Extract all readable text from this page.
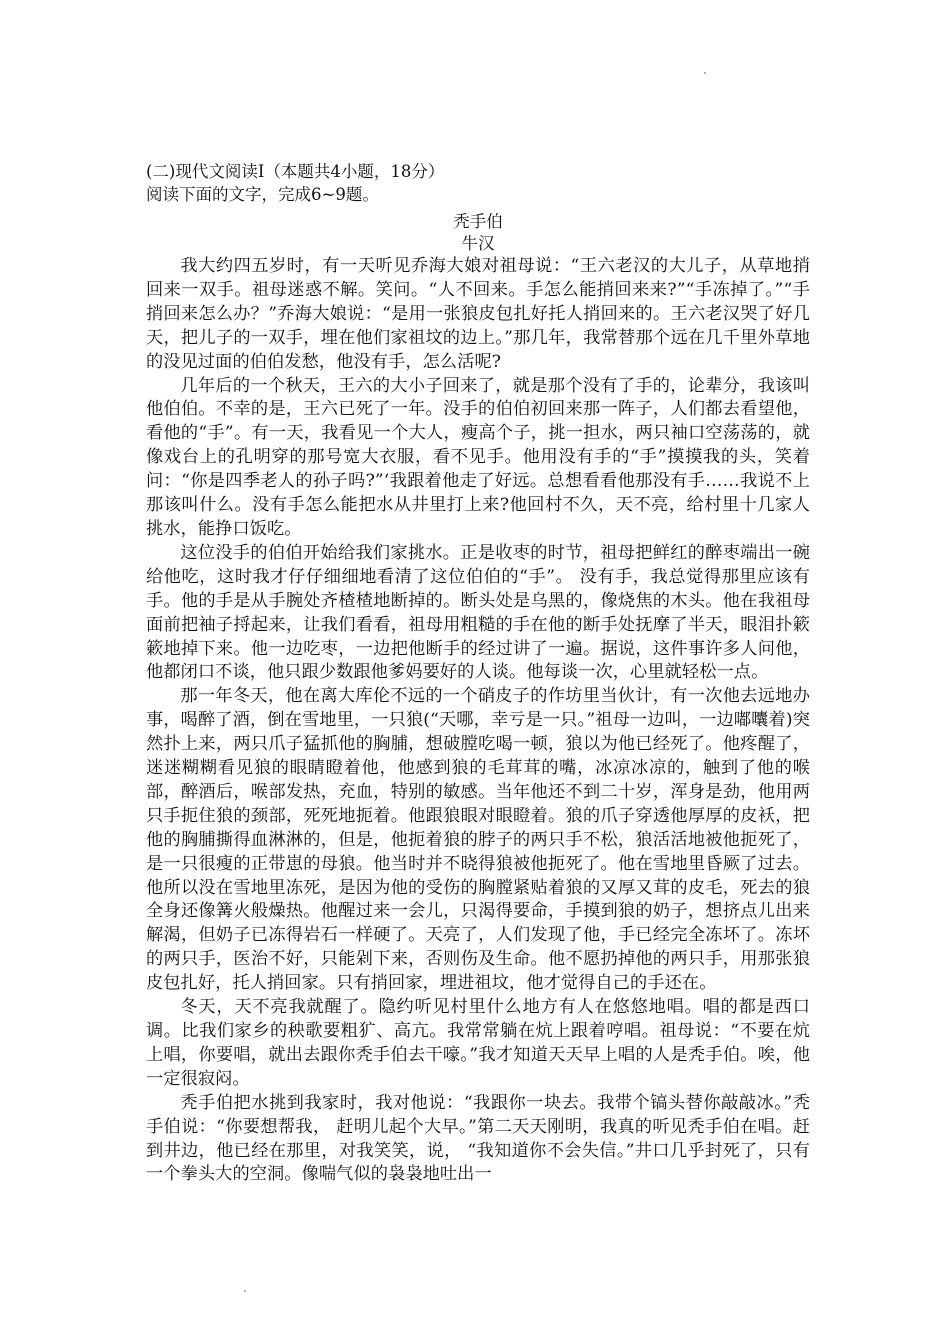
(二)现代文阅读Ⅰ（本题共4小题，18分）

阅读下面的文字，完成6~9题。

秃手伯

牛汉

我大约四五岁时，有一天听见乔海大娘对祖母说：“王六老汉的大儿子，从草地捎回来一双手。祖母迷惑不解。笑问。“人不回来。手怎么能捎回来来?”“手冻掉了。”“手捎回来怎么办？”乔海大娘说：“是用一张狼皮包扎好托人捎回来的。王六老汉哭了好几天，把儿子的一双手，埋在他们家祖坟的边上。”那几年，我常替那个远在几千里外草地的没见过面的伯伯发愁，他没有手，怎么活呢?

几年后的一个秋天，王六的大小子回来了，就是那个没有了手的，论辈分，我该叫他伯伯。不幸的是，王六已死了一年。没手的伯伯初回来那一阵子，人们都去看望他，看他的“手”。有一天，我看见一个大人，瘦高个子，挑一担水，两只袖口空荡荡的，就像戏台上的孔明穿的那号宽大衣服，看不见手。他用没有手的“手”摸摸我的头，笑着问：“你是四季老人的孙子吗?”‘我跟着他走了好远。总想看看他那没有手……我说不上那该叫什么。没有手怎么能把水从井里打上来?他回村不久，天不亮，给村里十几家人挑水，能挣口饭吃。

这位没手的伯伯开始给我们家挑水。正是收枣的时节，祖母把鲜红的醉枣端出一碗给他吃，这时我才仔仔细细地看清了这位伯伯的“手”。 没有手，我总觉得那里应该有手。他的手是从手腕处齐楂楂地断掉的。断头处是乌黑的，像烧焦的木头。他在我祖母面前把袖子捋起来，让我们看看，祖母用粗糙的手在他的断手处抚摩了半天，眼泪扑簌簌地掉下来。他一边吃枣，一边把他断手的经过讲了一遍。据说，这件事许多人问他，他都闭口不谈，他只跟少数跟他爹妈要好的人谈。他每谈一次，心里就轻松一点。

那一年冬天，他在离大库伦不远的一个硝皮子的作坊里当伙计，有一次他去远地办事，喝醉了酒，倒在雪地里，一只狼(“天哪，幸亏是一只。”祖母一边叫，一边嘟囔着)突然扑上来，两只爪子猛抓他的胸脯，想破膛吃喝一顿，狼以为他已经死了。他疼醒了，迷迷糊糊看见狼的眼睛瞪着他，他感到狼的毛茸茸的嘴，冰凉冰凉的，触到了他的喉部，醉酒后，喉部发热，充血，特别的敏感。当年他还不到二十岁，浑身是劲，他用两只手扼住狼的颈部，死死地扼着。他跟狼眼对眼瞪着。狼的爪子穿透他厚厚的皮袄，把他的胸脯撕得血淋淋的，但是，他扼着狼的脖子的两只手不松，狼活活地被他扼死了，是一只很瘦的正带崽的母狼。他当时并不晓得狼被他扼死了。他在雪地里昏厥了过去。他所以没在雪地里冻死，是因为他的受伤的胸膛紧贴着狼的又厚又茸的皮毛，死去的狼全身还像篝火般燥热。他醒过来一会儿，只渴得要命，手摸到狼的奶子，想挤点儿出来解渴，但奶子已冻得岩石一样硬了。天亮了，人们发现了他，手已经完全冻坏了。冻坏的两只手，医治不好，只能剁下来，否则伤及生命。他不愿扔掉他的两只手，用那张狼皮包扎好，托人捎回家。只有捎回家，埋进祖坟，他才觉得自己的手还在。

冬天，天不亮我就醒了。隐约听见村里什么地方有人在悠悠地唱。唱的都是西口调。比我们家乡的秧歌要粗犷、高亢。我常常躺在炕上跟着哼唱。祖母说：“不要在炕上唱，你要唱，就出去跟你秃手伯去干嚎。”我才知道天天早上唱的人是秃手伯。唉，他一定很寂闷。

秃手伯把水挑到我家时，我对他说：“我跟你一块去。我带个镐头替你敲敲冰。”秃手伯说：“你要想帮我， 赶明儿起个大早。”第二天天刚明，我真的听见秃手伯在唱。赶到井边，他已经在那里，对我笑笑，说， “我知道你不会失信。”井口几乎封死了，只有一个拳头大的空洞。像喘气似的袅袅地吐出一
